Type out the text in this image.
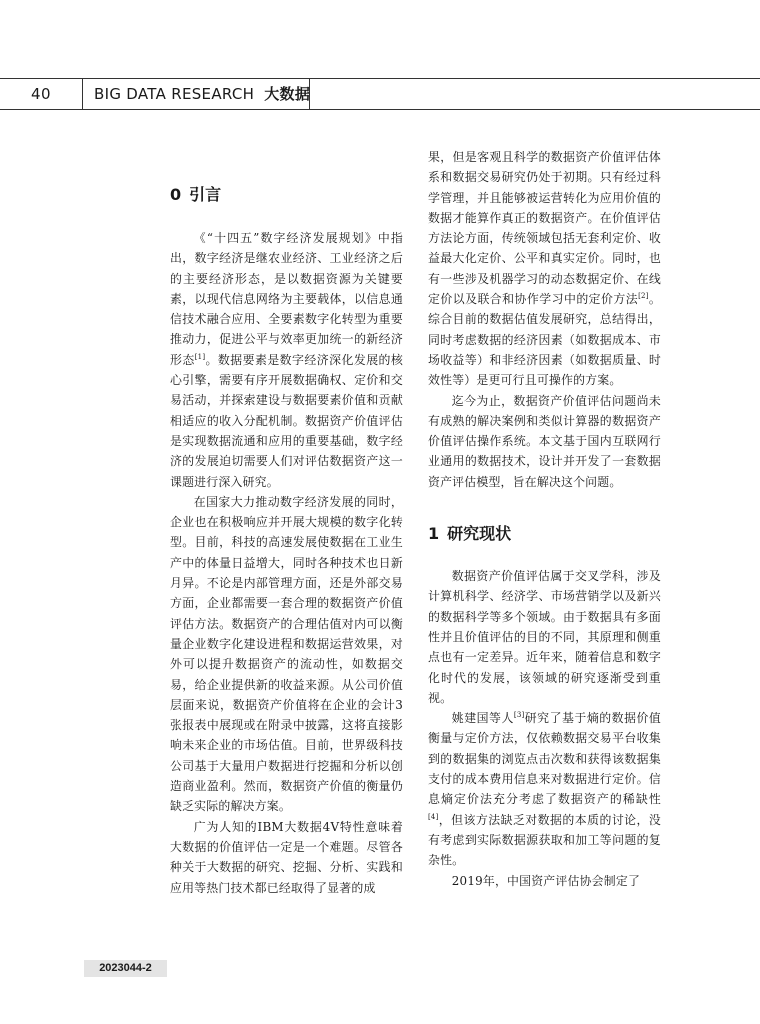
40	BIG DATA RESEARCH 大数据
0 引言

《“十四五”数字经济发展规划》中指出，数字经济是继农业经济、工业经济之后的主要经济形态，是以数据资源为关键要素，以现代信息网络为主要载体，以信息通信技术融合应用、全要素数字化转型为重要推动力，促进公平与效率更加统一的新经济形态[1]。数据要素是数字经济深化发展的核心引擎，需要有序开展数据确权、定价和交易活动，并探索建设与数据要素价值和贡献相适应的收入分配机制。数据资产价值评估是实现数据流通和应用的重要基础，数字经济的发展迫切需要人们对评估数据资产这一课题进行深入研究。

在国家大力推动数字经济发展的同时，企业也在积极响应并开展大规模的数字化转型。目前，科技的高速发展使数据在工业生产中的体量日益增大，同时各种技术也日新月异。不论是内部管理方面，还是外部交易方面，企业都需要一套合理的数据资产价值评估方法。数据资产的合理估值对内可以衡量企业数字化建设进程和数据运营效果，对外可以提升数据资产的流动性，如数据交易，给企业提供新的收益来源。从公司价值层面来说，数据资产价值将在企业的会计3张报表中展现或在附录中披露，这将直接影响未来企业的市场估值。目前，世界级科技公司基于大量用户数据进行挖掘和分析以创造商业盈利。然而，数据资产价值的衡量仍缺乏实际的解决方案。

广为人知的IBM大数据4V特性意味着大数据的价值评估一定是一个难题。尽管各种关于大数据的研究、挖掘、分析、实践和应用等热门技术都已经取得了显著的成

果，但是客观且科学的数据资产价值评估体系和数据交易研究仍处于初期。只有经过科学管理，并且能够被运营转化为应用价值的数据才能算作真正的数据资产。在价值评估方法论方面，传统领域包括无套利定价、收益最大化定价、公平和真实定价。同时，也有一些涉及机器学习的动态数据定价、在线定价以及联合和协作学习中的定价方法[2]。综合目前的数据估值发展研究，总结得出，同时考虑数据的经济因素（如数据成本、市场收益等）和非经济因素（如数据质量、时效性等）是更可行且可操作的方案。

迄今为止，数据资产价值评估问题尚未有成熟的解决案例和类似计算器的数据资产价值评估操作系统。本文基于国内互联网行业通用的数据技术，设计并开发了一套数据资产评估模型，旨在解决这个问题。

1 研究现状

数据资产价值评估属于交叉学科，涉及计算机科学、经济学、市场营销学以及新兴的数据科学等多个领域。由于数据具有多面性并且价值评估的目的不同，其原理和侧重点也有一定差异。近年来，随着信息和数字化时代的发展，该领域的研究逐渐受到重视。

姚建国等人[3]研究了基于熵的数据价值衡量与定价方法，仅依赖数据交易平台收集到的数据集的浏览点击次数和获得该数据集支付的成本费用信息来对数据进行定价。信息熵定价法充分考虑了数据资产的稀缺性[4]，但该方法缺乏对数据的本质的讨论，没有考虑到实际数据源获取和加工等问题的复杂性。

2019年，中国资产评估协会制定了

2023044-2
